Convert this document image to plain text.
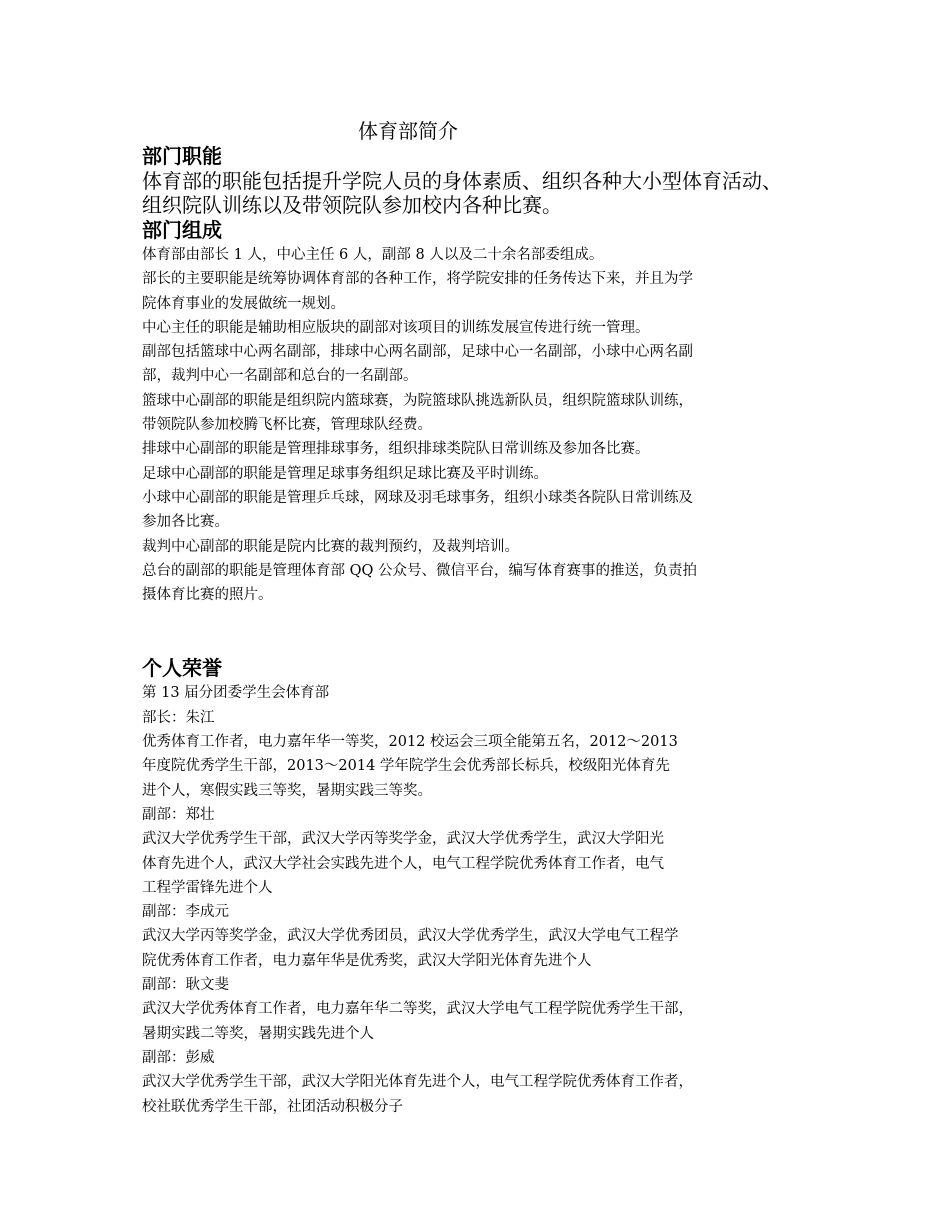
体育部简介
部门职能
体育部的职能包括提升学院人员的身体素质、组织各种大小型体育活动、
组织院队训练以及带领院队参加校内各种比赛。
部门组成
体育部由部长 1 人，中心主任 6 人，副部 8 人以及二十余名部委组成。
部长的主要职能是统筹协调体育部的各种工作，将学院安排的任务传达下来，并且为学
院体育事业的发展做统一规划。
中心主任的职能是辅助相应版块的副部对该项目的训练发展宣传进行统一管理。
副部包括篮球中心两名副部，排球中心两名副部，足球中心一名副部，小球中心两名副
部，裁判中心一名副部和总台的一名副部。
篮球中心副部的职能是组织院内篮球赛，为院篮球队挑选新队员，组织院篮球队训练，
带领院队参加校腾飞杯比赛，管理球队经费。
排球中心副部的职能是管理排球事务，组织排球类院队日常训练及参加各比赛。
足球中心副部的职能是管理足球事务组织足球比赛及平时训练。
小球中心副部的职能是管理乒乓球，网球及羽毛球事务，组织小球类各院队日常训练及
参加各比赛。
裁判中心副部的职能是院内比赛的裁判预约，及裁判培训。
总台的副部的职能是管理体育部 QQ 公众号、微信平台，编写体育赛事的推送，负责拍
摄体育比赛的照片。
个人荣誉
第 13 届分团委学生会体育部
部长：朱江
优秀体育工作者，电力嘉年华一等奖，2012 校运会三项全能第五名，2012～2013
年度院优秀学生干部，2013～2014 学年院学生会优秀部长标兵，校级阳光体育先
进个人，寒假实践三等奖，暑期实践三等奖。
副部：郑壮
武汉大学优秀学生干部，武汉大学丙等奖学金，武汉大学优秀学生，武汉大学阳光
体育先进个人，武汉大学社会实践先进个人，电气工程学院优秀体育工作者，电气
工程学雷锋先进个人
副部：李成元
武汉大学丙等奖学金，武汉大学优秀团员，武汉大学优秀学生，武汉大学电气工程学
院优秀体育工作者，电力嘉年华是优秀奖，武汉大学阳光体育先进个人
副部：耿文斐
武汉大学优秀体育工作者，电力嘉年华二等奖，武汉大学电气工程学院优秀学生干部，
暑期实践二等奖，暑期实践先进个人
副部：彭威
武汉大学优秀学生干部，武汉大学阳光体育先进个人，电气工程学院优秀体育工作者，
校社联优秀学生干部，社团活动积极分子
